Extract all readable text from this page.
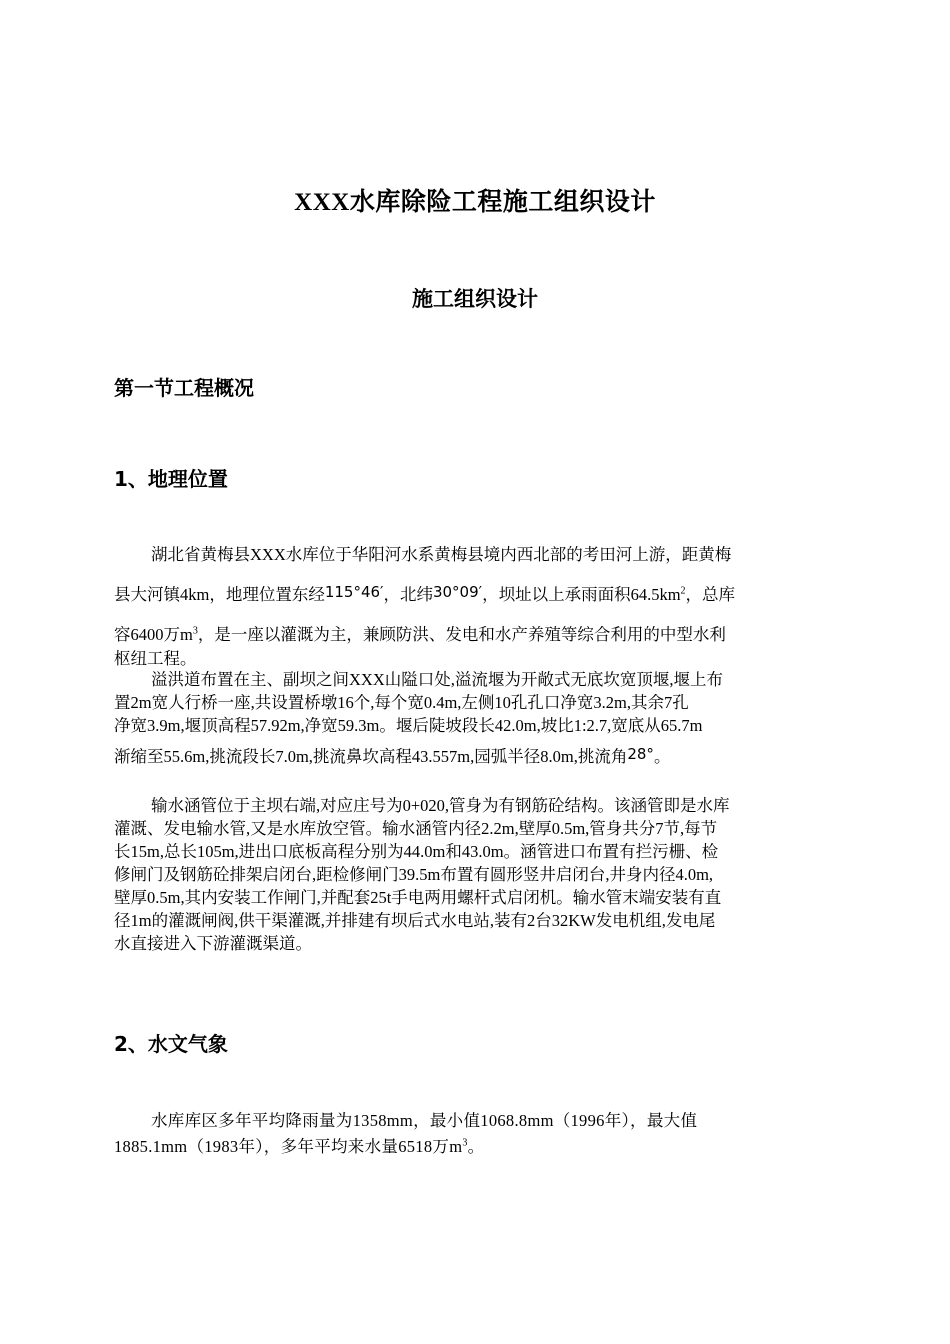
XXX水库除险工程施工组织设计
施工组织设计
第一节工程概况
1、地理位置
湖北省黄梅县XXX水库位于华阳河水系黄梅县境内西北部的考田河上游，距黄梅
县大河镇4km，地理位置东经115°46′，北纬30°09′，坝址以上承雨面积$64.5km^2$，总库
容6400万$m^3$，是一座以灌溉为主，兼顾防洪、发电和水产养殖等综合利用的中型水利
枢纽工程。
溢洪道布置在主、副坝之间XXX山隘口处,溢流堰为开敞式无底坎宽顶堰,堰上布
置2m宽人行桥一座,共设置桥墩16个,每个宽0.4m,左侧10孔孔口净宽3.2m,其余7孔
净宽3.9m,堰顶高程57.92m,净宽59.3m。堰后陡坡段长42.0m,坡比1:2.7,宽底从65.7m
渐缩至55.6m,挑流段长7.0m,挑流鼻坎高程43.557m,园弧半径8.0m,挑流角28°。
输水涵管位于主坝右端,对应庄号为0+020,管身为有钢筋砼结构。该涵管即是水库
灌溉、发电输水管,又是水库放空管。输水涵管内径2.2m,壁厚0.5m,管身共分7节,每节
长15m,总长105m,进出口底板高程分别为44.0m和43.0m。涵管进口布置有拦污栅、检
修闸门及钢筋砼排架启闭台,距检修闸门39.5m布置有圆形竖井启闭台,井身内径4.0m,
壁厚0.5m,其内安装工作闸门,并配套25t手电两用螺杆式启闭机。输水管末端安装有直
径1m的灌溉闸阀,供干渠灌溉,并排建有坝后式水电站,装有2台32KW发电机组,发电尾
水直接进入下游灌溉渠道。
2、水文气象
水库库区多年平均降雨量为1358mm，最小值1068.8mm（1996年），最大值
1885.1mm（1983年），多年平均来水量6518万$m^3$。
